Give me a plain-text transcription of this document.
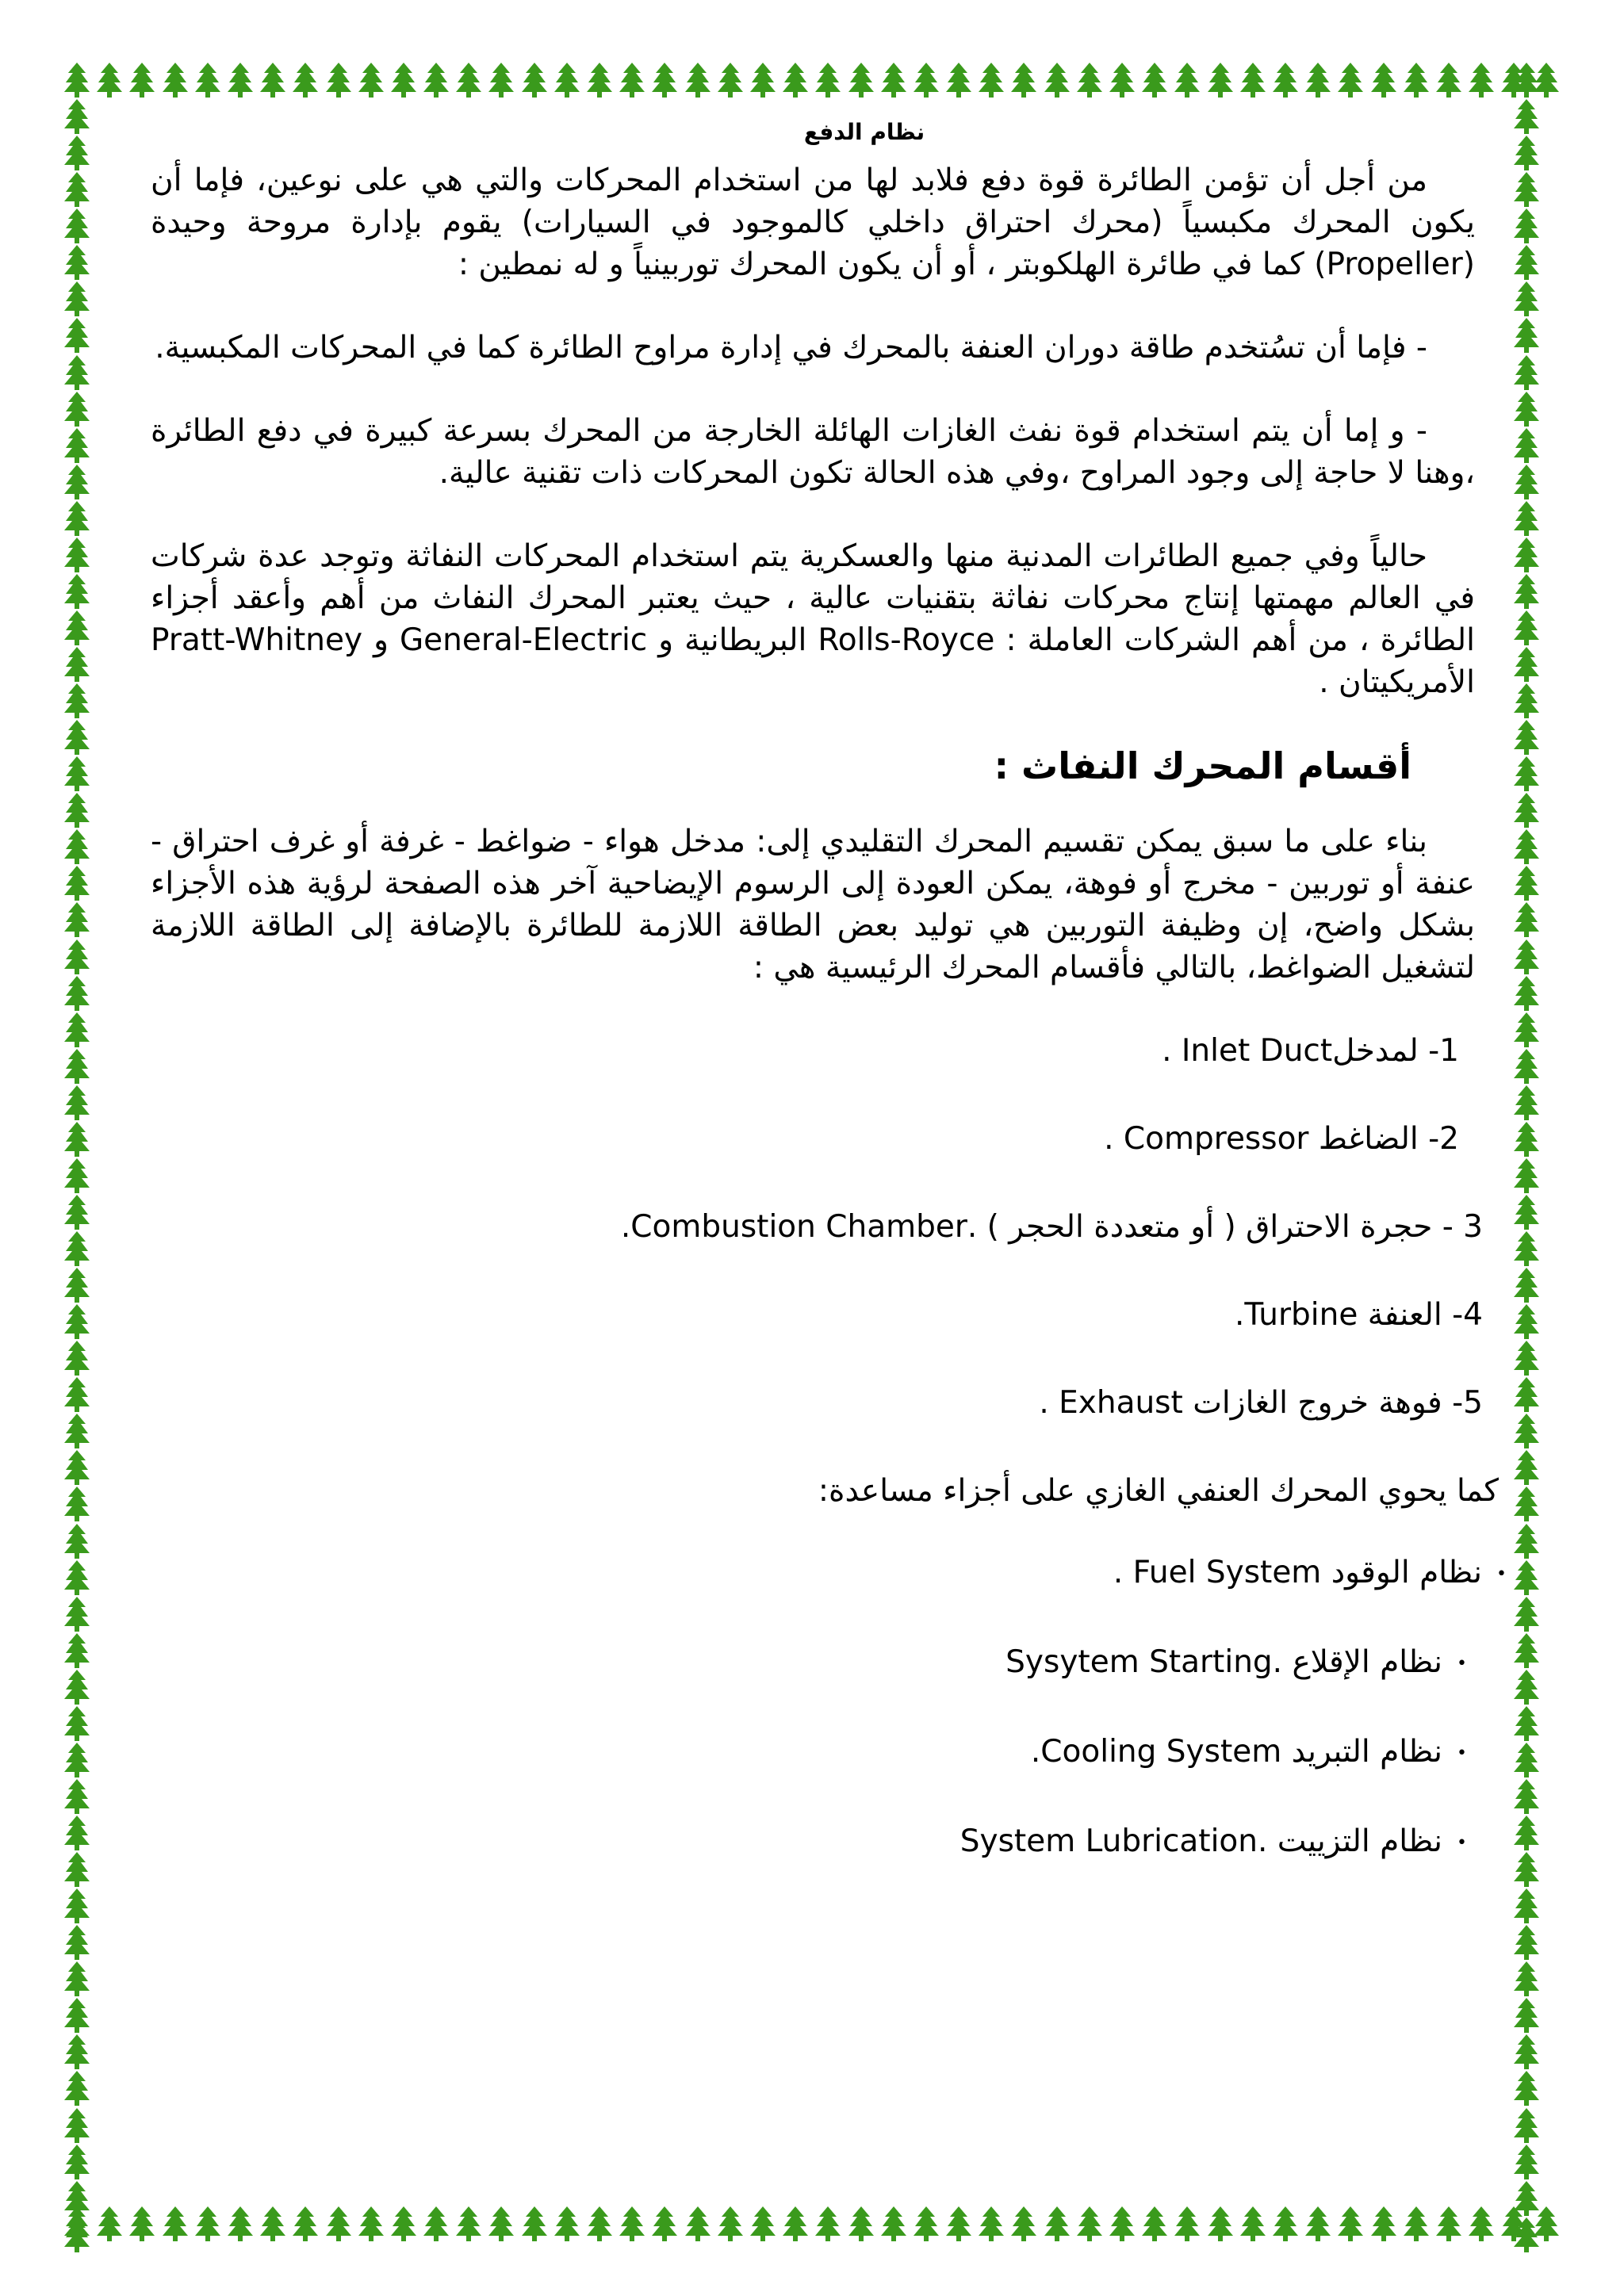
نظام الدفع

من أجل أن تؤمن الطائرة قوة دفع فلابد لها من استخدام المحركات والتي هي على نوعين، فإما أن يكون المحرك مكبسياً (محرك احتراق داخلي كالموجود في السيارات) يقوم بإدارة مروحة وحيدة (Propeller) كما في طائرة الهلكوبتر ، أو أن يكون المحرك توربينياً و له نمطين :

- فإما أن تسُتخدم طاقة دوران العنفة بالمحرك في إدارة مراوح الطائرة كما في المحركات المكبسية.

- و إما أن يتم استخدام قوة نفث الغازات الهائلة الخارجة من المحرك بسرعة كبيرة في دفع الطائرة ،وهنا لا حاجة إلى وجود المراوح ،وفي هذه الحالة تكون المحركات ذات تقنية عالية.

حالياً وفي جميع الطائرات المدنية منها والعسكرية يتم استخدام المحركات النفاثة وتوجد عدة شركات في العالم مهمتها إنتاج محركات نفاثة بتقنيات عالية ، حيث يعتبر المحرك النفاث من أهم وأعقد أجزاء الطائرة ، من أهم الشركات العاملة : Rolls-Royce البريطانية و General-Electric و Pratt-Whitney الأمريكيتان .

أقسام المحرك النفاث :

بناء على ما سبق يمكن تقسيم المحرك التقليدي إلى: مدخل هواء - ضواغط - غرفة أو غرف احتراق - عنفة أو توربين - مخرج أو فوهة، يمكن العودة إلى الرسوم الإيضاحية آخر هذه الصفحة لرؤية هذه الأجزاء بشكل واضح، إن وظيفة التوربين هي توليد بعض الطاقة اللازمة للطائرة بالإضافة إلى الطاقة اللازمة لتشغيل الضواغط، بالتالي فأقسام المحرك الرئيسية هي :

1- لمدخلInlet Duct .
2- الضاغط Compressor .
3 - حجرة الاحتراق ( أو متعددة الحجر ) .Combustion Chamber.
4- العنفة Turbine.
5- فوهة خروج الغازات Exhaust .
كما يحوي المحرك العنفي الغازي على أجزاء مساعدة:
•نظام الوقود Fuel System .
•نظام الإقلاع .Sysytem Starting
•نظام التبريد Cooling System.
•نظام التزييت .System Lubrication
